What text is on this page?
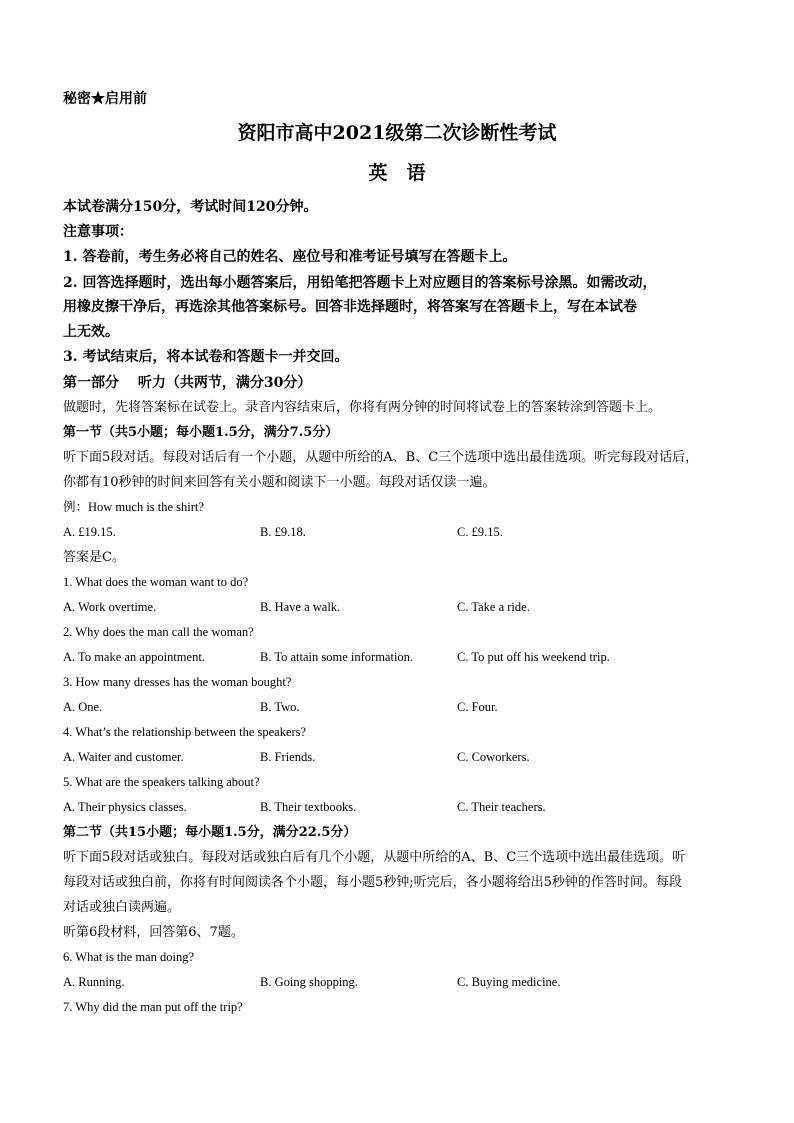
秘密★启用前
资阳市高中2021级第二次诊断性考试
英　语
本试卷满分150分，考试时间120分钟。
注意事项：
1. 答卷前，考生务必将自己的姓名、座位号和准考证号填写在答题卡上。
2. 回答选择题时，选出每小题答案后，用铅笔把答题卡上对应题目的答案标号涂黑。如需改动，
用橡皮擦干净后，再选涂其他答案标号。回答非选择题时，将答案写在答题卡上，写在本试卷
上无效。
3. 考试结束后，将本试卷和答题卡一并交回。
第一部分　 听力（共两节，满分30分）
做题时，先将答案标在试卷上。录音内容结束后，你将有两分钟的时间将试卷上的答案转涂到答题卡上。
第一节（共5小题；每小题1.5分，满分7.5分）
听下面5段对话。每段对话后有一个小题，从题中所给的A、B、C三个选项中选出最佳选项。听完每段对话后，
你都有10秒钟的时间来回答有关小题和阅读下一小题。每段对话仅读一遍。
例：How much is the shirt?
A. £19.15.	B. £9.18.	C. £9.15.
答案是C。
1. What does the woman want to do?
A. Work overtime.	B. Have a walk.	C. Take a ride.
2. Why does the man call the woman?
A. To make an appointment.	B. To attain some information.	C. To put off his weekend trip.
3. How many dresses has the woman bought?
A. One.	B. Two.	C. Four.
4. What’s the relationship between the speakers?
A. Waiter and customer.	B. Friends.	C. Coworkers.
5. What are the speakers talking about?
A. Their physics classes.	B. Their textbooks.	C. Their teachers.
第二节（共15小题；每小题1.5分，满分22.5分）
听下面5段对话或独白。每段对话或独白后有几个小题，从题中所给的A、B、C三个选项中选出最佳选项。听
每段对话或独白前，你将有时间阅读各个小题，每小题5秒钟;听完后，各小题将给出5秒钟的作答时间。每段
对话或独白读两遍。
听第6段材料，回答第6、7题。
6. What is the man doing?
A. Running.	B. Going shopping.	C. Buying medicine.
7. Why did the man put off the trip?
